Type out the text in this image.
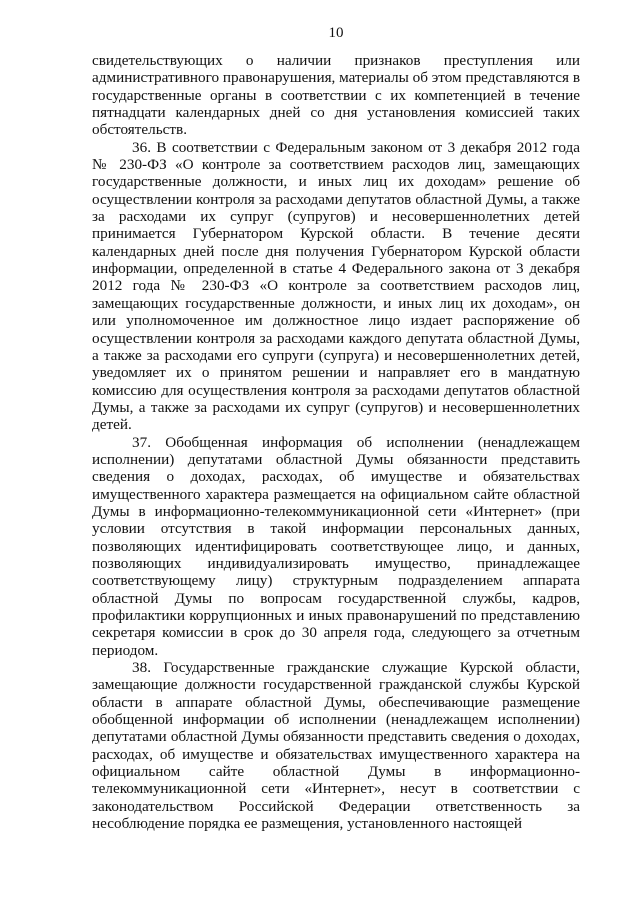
10

свидетельствующих о наличии признаков преступления или административного правонарушения, материалы об этом представляются в государственные органы в соответствии с их компетенцией в течение пятнадцати календарных дней со дня установления комиссией таких обстоятельств.

36. В соответствии с Федеральным законом от 3 декабря 2012 года № 230-ФЗ «О контроле за соответствием расходов лиц, замещающих государственные должности, и иных лиц их доходам» решение об осуществлении контроля за расходами депутатов областной Думы, а также за расходами их супруг (супругов) и несовершеннолетних детей принимается Губернатором Курской области. В течение десяти календарных дней после дня получения Губернатором Курской области информации, определенной в статье 4 Федерального закона от 3 декабря 2012 года № 230-ФЗ «О контроле за соответствием расходов лиц, замещающих государственные должности, и иных лиц их доходам», он или уполномоченное им должностное лицо издает распоряжение об осуществлении контроля за расходами каждого депутата областной Думы, а также за расходами его супруги (супруга) и несовершеннолетних детей, уведомляет их о принятом решении и направляет его в мандатную комиссию для осуществления контроля за расходами депутатов областной Думы, а также за расходами их супруг (супругов) и несовершеннолетних детей.

37. Обобщенная информация об исполнении (ненадлежащем исполнении) депутатами областной Думы обязанности представить сведения о доходах, расходах, об имуществе и обязательствах имущественного характера размещается на официальном сайте областной Думы в информационно-телекоммуникационной сети «Интернет» (при условии отсутствия в такой информации персональных данных, позволяющих идентифицировать соответствующее лицо, и данных, позволяющих индивидуализировать имущество, принадлежащее соответствующему лицу) структурным подразделением аппарата областной Думы по вопросам государственной службы, кадров, профилактики коррупционных и иных правонарушений по представлению секретаря комиссии в срок до 30 апреля года, следующего за отчетным периодом.

38. Государственные гражданские служащие Курской области, замещающие должности государственной гражданской службы Курской области в аппарате областной Думы, обеспечивающие размещение обобщенной информации об исполнении (ненадлежащем исполнении) депутатами областной Думы обязанности представить сведения о доходах, расходах, об имуществе и обязательствах имущественного характера на официальном сайте областной Думы в информационно-телекоммуникационной сети «Интернет», несут в соответствии с законодательством Российской Федерации ответственность за несоблюдение порядка ее размещения, установленного настоящей
